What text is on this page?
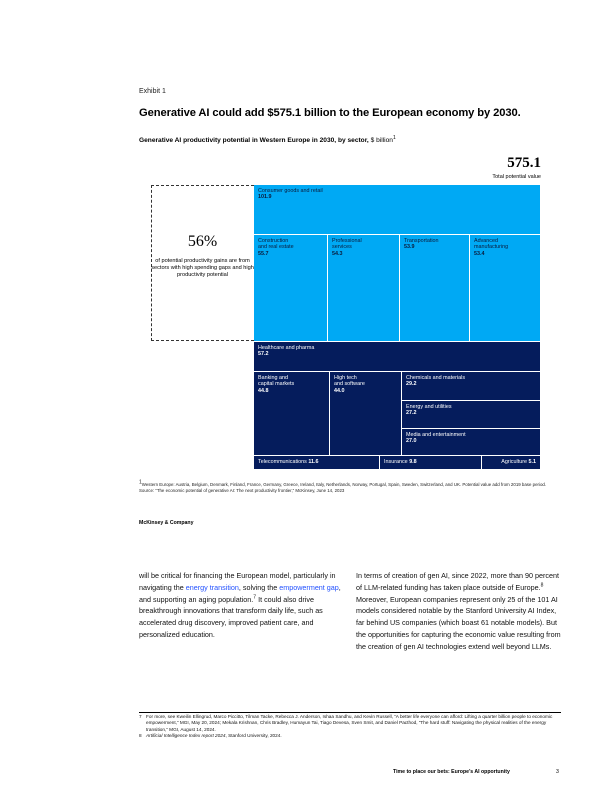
Exhibit 1
Generative AI could add $575.1 billion to the European economy by 2030.
Generative AI productivity potential in Western Europe in 2030, by sector, $ billion$^1$
575.1
Total potential value
56%
of potential productivity gains are from sectors with high spending gaps and high productivity potential
Consumer goods and retail
101.9
Construction
and real estate
55.7
Professional
services
54.3
Transportation
53.9
Advanced
manufacturing
53.4
Healthcare and pharma
57.2
Banking and
capital markets
44.8
High tech
and software
44.0
Chemicals and materials
29.2
Energy and utilities
27.2
Media and entertainment
27.0
Telecommunications 11.6	Insurance 9.8	Agriculture 5.1
$^1$Western Europe: Austria, Belgium, Denmark, Finland, France, Germany, Greece, Ireland, Italy, Netherlands, Norway, Portugal, Spain, Sweden, Switzerland, and UK. Potential value add from 2019 base period.
Source: “The economic potential of generative AI: The next productivity frontier,” McKinsey, June 14, 2023
McKinsey & Company
will be critical for financing the European model, particularly in navigating the energy transition, solving the empowerment gap, and supporting an aging population.$^7$ It could also drive breakthrough innovations that transform daily life, such as accelerated drug discovery, improved patient care, and personalized education.
In terms of creation of gen AI, since 2022, more than 90 percent of LLM-related funding has taken place outside of Europe.$^8$ Moreover, European companies represent only 25 of the 101 AI models considered notable by the Stanford University AI Index, far behind US companies (which boast 61 notable models). But the opportunities for capturing the economic value resulting from the creation of gen AI technologies extend well beyond LLMs.
7 For more, see Kweilin Ellingrud, Marco Piccitto, Tilman Tacke, Rebecca J. Anderson, Ishaa Sandhu, and Kevin Russell, “A better life everyone can afford: Lifting a quarter billion people to economic empowerment,” MGI, May 20, 2024; Mekala Krishnan, Chris Bradley, Humayun Tai, Tiago Devesa, Sven Smit, and Daniel Pacthod, “The hard stuff: Navigating the physical realities of the energy transition,” MGI, August 14, 2024.
8 Artificial Intelligence Index report 2024, Stanford University, 2024.
Time to place our bets: Europe’s AI opportunity	3
